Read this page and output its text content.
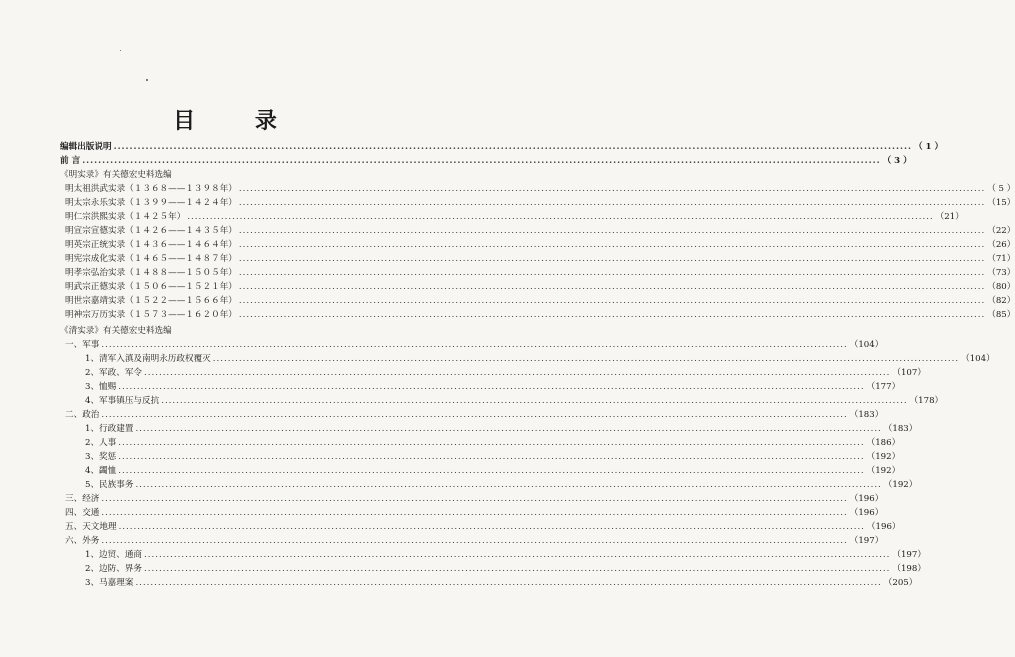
目 录
编辑出版说明 ........................................................................................................................................................................................................ （ 1 ）
前 言 ........................................................................................................................................................................................................ （ 3 ）
《明实录》有关德宏史料选编
明太祖洪武实录（１３６８——１３９８年） ........................................................................................................................................................................................................ （ 5 ）
明太宗永乐实录（１３９９——１４２４年） ........................................................................................................................................................................................................ （15）
明仁宗洪熙实录（１４２５年） ........................................................................................................................................................................................................ （21）
明宣宗宣德实录（１４２６——１４３５年） ........................................................................................................................................................................................................ （22）
明英宗正统实录（１４３６——１４６４年） ........................................................................................................................................................................................................ （26）
明宪宗成化实录（１４６５——１４８７年） ........................................................................................................................................................................................................ （71）
明孝宗弘治实录（１４８８——１５０５年） ........................................................................................................................................................................................................ （73）
明武宗正德实录（１５０６——１５２１年） ........................................................................................................................................................................................................ （80）
明世宗嘉靖实录（１５２２——１５６６年） ........................................................................................................................................................................................................ （82）
明神宗万历实录（１５７３——１６２０年） ........................................................................................................................................................................................................ （85）
《清实录》有关德宏史料选编
一、军事 ........................................................................................................................................................................................................ （104）
1、清军入滇及南明永历政权覆灭 ........................................................................................................................................................................................................ （104）
2、军政、军令 ........................................................................................................................................................................................................ （107）
3、恤赐 ........................................................................................................................................................................................................ （177）
4、军事镇压与反抗 ........................................................................................................................................................................................................ （178）
二、政治 ........................................................................................................................................................................................................ （183）
1、行政建置 ........................................................................................................................................................................................................ （183）
2、人事 ........................................................................................................................................................................................................ （186）
3、奖惩 ........................................................................................................................................................................................................ （192）
4、蠲恤 ........................................................................................................................................................................................................ （192）
5、民族事务 ........................................................................................................................................................................................................ （192）
三、经济 ........................................................................................................................................................................................................ （196）
四、交通 ........................................................................................................................................................................................................ （196）
五、天文地理 ........................................................................................................................................................................................................ （196）
六、外务 ........................................................................................................................................................................................................ （197）
1、边贸、通商 ........................................................................................................................................................................................................ （197）
2、边防、界务 ........................................................................................................................................................................................................ （198）
3、马嘉理案 ........................................................................................................................................................................................................ （205）
